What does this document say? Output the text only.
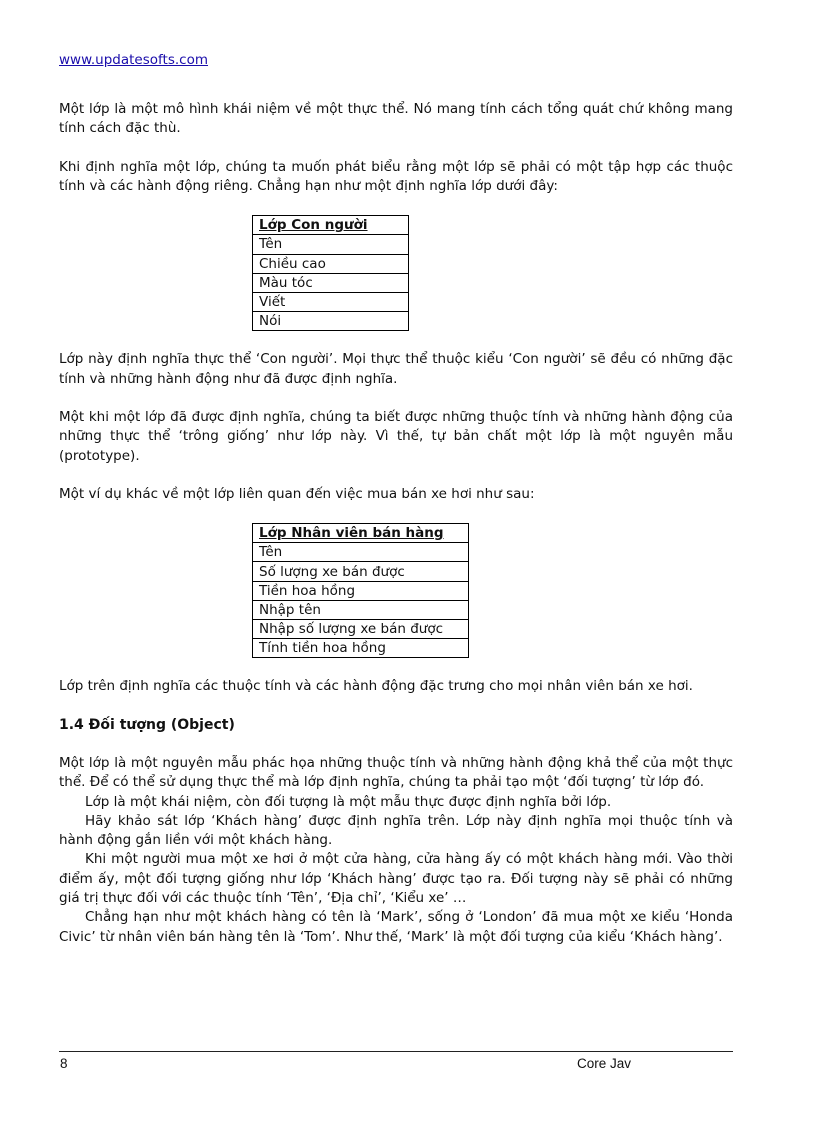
www.updatesofts.com

Một lớp là một mô hình khái niệm về một thực thể. Nó mang tính cách tổng quát chứ không mang tính cách đặc thù.

Khi định nghĩa một lớp, chúng ta muốn phát biểu rằng một lớp sẽ phải có một tập hợp các thuộc tính và các hành động riêng. Chẳng hạn như một định nghĩa lớp dưới đây:

Lớp Con người
Tên
Chiều cao
Màu tóc
Viết
Nói

Lớp này định nghĩa thực thể ‘Con người’. Mọi thực thể thuộc kiểu ‘Con người’ sẽ đều có những đặc tính và những hành động như đã được định nghĩa.

Một khi một lớp đã được định nghĩa, chúng ta biết được những thuộc tính và những hành động của những thực thể ‘trông giống’ như lớp này. Vì thế, tự bản chất một lớp là một nguyên mẫu (prototype).

Một ví dụ khác về một lớp liên quan đến việc mua bán xe hơi như sau:

Lớp Nhân viên bán hàng
Tên
Số lượng xe bán được
Tiền hoa hồng
Nhập tên
Nhập số lượng xe bán được
Tính tiền hoa hồng

Lớp trên định nghĩa các thuộc tính và các hành động đặc trưng cho mọi nhân viên bán xe hơi.

1.4 Đối tượng (Object)

Một lớp là một nguyên mẫu phác họa những thuộc tính và những hành động khả thể của một thực thể. Để có thể sử dụng thực thể mà lớp định nghĩa, chúng ta phải tạo một ‘đối tượng’ từ lớp đó.

Lớp là một khái niệm, còn đối tượng là một mẫu thực được định nghĩa bởi lớp.

Hãy khảo sát lớp ‘Khách hàng’ được định nghĩa trên. Lớp này định nghĩa mọi thuộc tính và hành động gắn liền với một khách hàng.

Khi một người mua một xe hơi ở một cửa hàng, cửa hàng ấy có một khách hàng mới. Vào thời điểm ấy, một đối tượng giống như lớp ‘Khách hàng’ được tạo ra. Đối tượng này sẽ phải có những giá trị thực đối với các thuộc tính ‘Tên’, ‘Địa chỉ’, ‘Kiểu xe’ …

Chẳng hạn như một khách hàng có tên là ‘Mark’, sống ở ‘London’ đã mua một xe kiểu ‘Honda Civic’ từ nhân viên bán hàng tên là ‘Tom’. Như thế, ‘Mark’ là một đối tượng của kiểu ‘Khách hàng’.

8	Core Jav
